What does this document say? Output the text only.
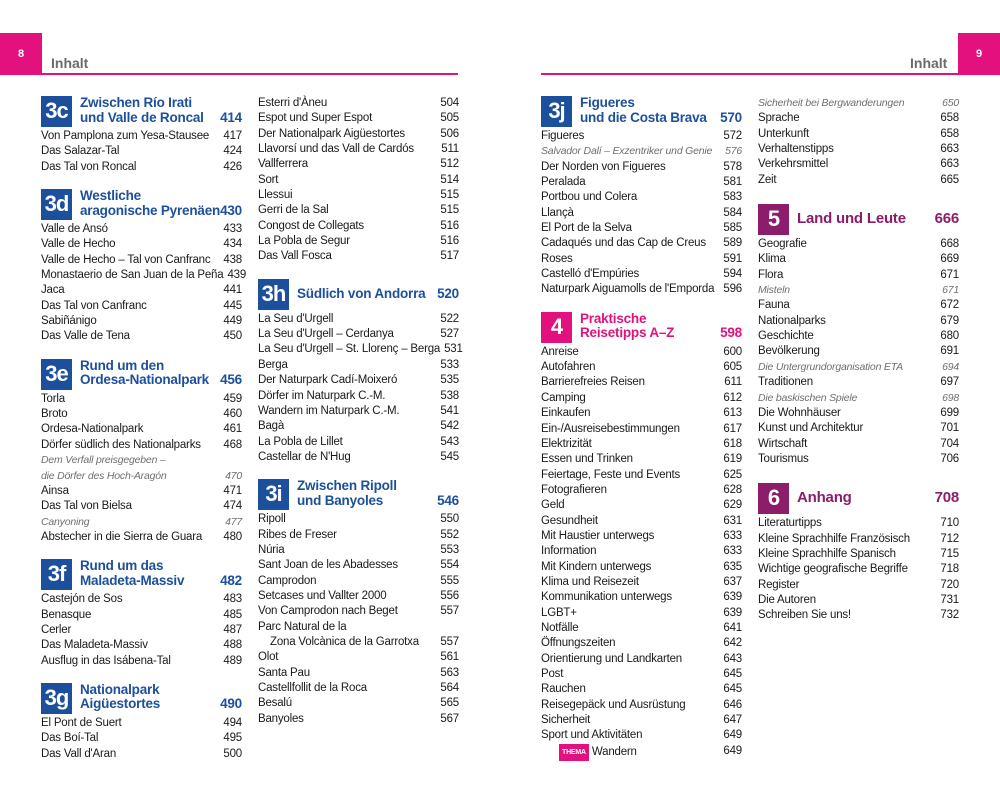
8
Inhalt	Inhalt
9
3c Zwischen Río Irati
und Valle de Roncal 414
Von Pamplona zum Yesa-Stausee	417
Das Salazar-Tal	424
Das Tal von Roncal	426
3d Westliche
aragonische Pyrenäen 430
Valle de Ansó	433
Valle de Hecho	434
Valle de Hecho – Tal von Canfranc	438
Monastaerio de San Juan de la Peña 439
Jaca	441
Das Tal von Canfranc	445
Sabiñánigo	449
Das Valle de Tena	450
3e Rund um den
Ordesa-Nationalpark 456
Torla	459
Broto	460
Ordesa-Nationalpark	461
Dörfer südlich des Nationalparks	468
Dem Verfall preisgegeben –
die Dörfer des Hoch-Aragón	470
Ainsa	471
Das Tal von Bielsa	474
Canyoning	477
Abstecher in die Sierra de Guara	480
3f	Rund um das
Maladeta-Massiv	482
Castejón de Sos	483
Benasque	485
Cerler	487
Das Maladeta-Massiv	488
Ausflug in das Isábena-Tal	489
3g Nationalpark
Aigüestortes	490
El Pont de Suert	494
Das Boí-Tal	495
Das Vall d'Aran	500
Esterri d'Àneu	504
Espot und Super Espot	505
Der Nationalpark Aigüestortes	506
Llavorsí und das Vall de Cardós	511
Vallferrera	512
Sort	514
Llessui	515
Gerri de la Sal	515
Congost de Collegats	516
La Pobla de Segur	516
Das Vall Fosca	517
3h Südlich von Andorra 520
La Seu d'Urgell	522
La Seu d'Urgell – Cerdanya	527
La Seu d'Urgell – St. Llorenç – Berga 531
Berga	533
Der Naturpark Cadí-Moixeró	535
Dörfer im Naturpark C.-M.	538
Wandern im Naturpark C.-M.	541
Bagà	542
La Pobla de Lillet	543
Castellar de N'Hug	545
3i	Zwischen Ripoll
und Banyoles	546
Ripoll	550
Ribes de Freser	552
Núria	553
Sant Joan de les Abadesses	554
Camprodon	555
Setcases und Vallter 2000	556
Von Camprodon nach Beget	557
Parc Natural de la
Zona Volcànica de la Garrotxa	557
Olot	561
Santa Pau	563
Castellfollit de la Roca	564
Besalú	565
Banyoles	567
3j	Figueres
und die Costa Brava 570
Figueres	572
Salvador Dalí – Exzentriker und Genie	576
Der Norden von Figueres	578
Peralada	581
Portbou und Colera	583
Llançà	584
El Port de la Selva	585
Cadaqués und das Cap de Creus	589
Roses	591
Castelló d'Empúries	594
Naturpark Aiguamolls de l'Emporda 596
4	Praktische
Reisetipps A–Z	598
Anreise	600
Autofahren	605
Barrierefreies Reisen	611
Camping	612
Einkaufen	613
Ein-/Ausreisebestimmungen	617
Elektrizität	618
Essen und Trinken	619
Feiertage, Feste und Events	625
Fotografieren	628
Geld	629
Gesundheit	631
Mit Haustier unterwegs	633
Information	633
Mit Kindern unterwegs	635
Klima und Reisezeit	637
Kommunikation unterwegs	639
LGBT+	639
Notfälle	641
Öffnungszeiten	642
Orientierung und Landkarten	643
Post	645
Rauchen	645
Reisegepäck und Ausrüstung	646
Sicherheit	647
Sport und Aktivitäten	649
THEMA Wandern	649
Sicherheit bei Bergwanderungen	650
Sprache	658
Unterkunft	658
Verhaltenstipps	663
Verkehrsmittel	663
Zeit	665
5	Land und Leute 666
Geografie	668
Klima	669
Flora	671
Misteln	671
Fauna	672
Nationalparks	679
Geschichte	680
Bevölkerung	691
Die Untergrundorganisation ETA	694
Traditionen	697
Die baskischen Spiele	698
Die Wohnhäuser	699
Kunst und Architektur	701
Wirtschaft	704
Tourismus	706
6	Anhang	708
Literaturtipps	710
Kleine Sprachhilfe Französisch	712
Kleine Sprachhilfe Spanisch	715
Wichtige geografische Begriffe	718
Register	720
Die Autoren	731
Schreiben Sie uns!	732
